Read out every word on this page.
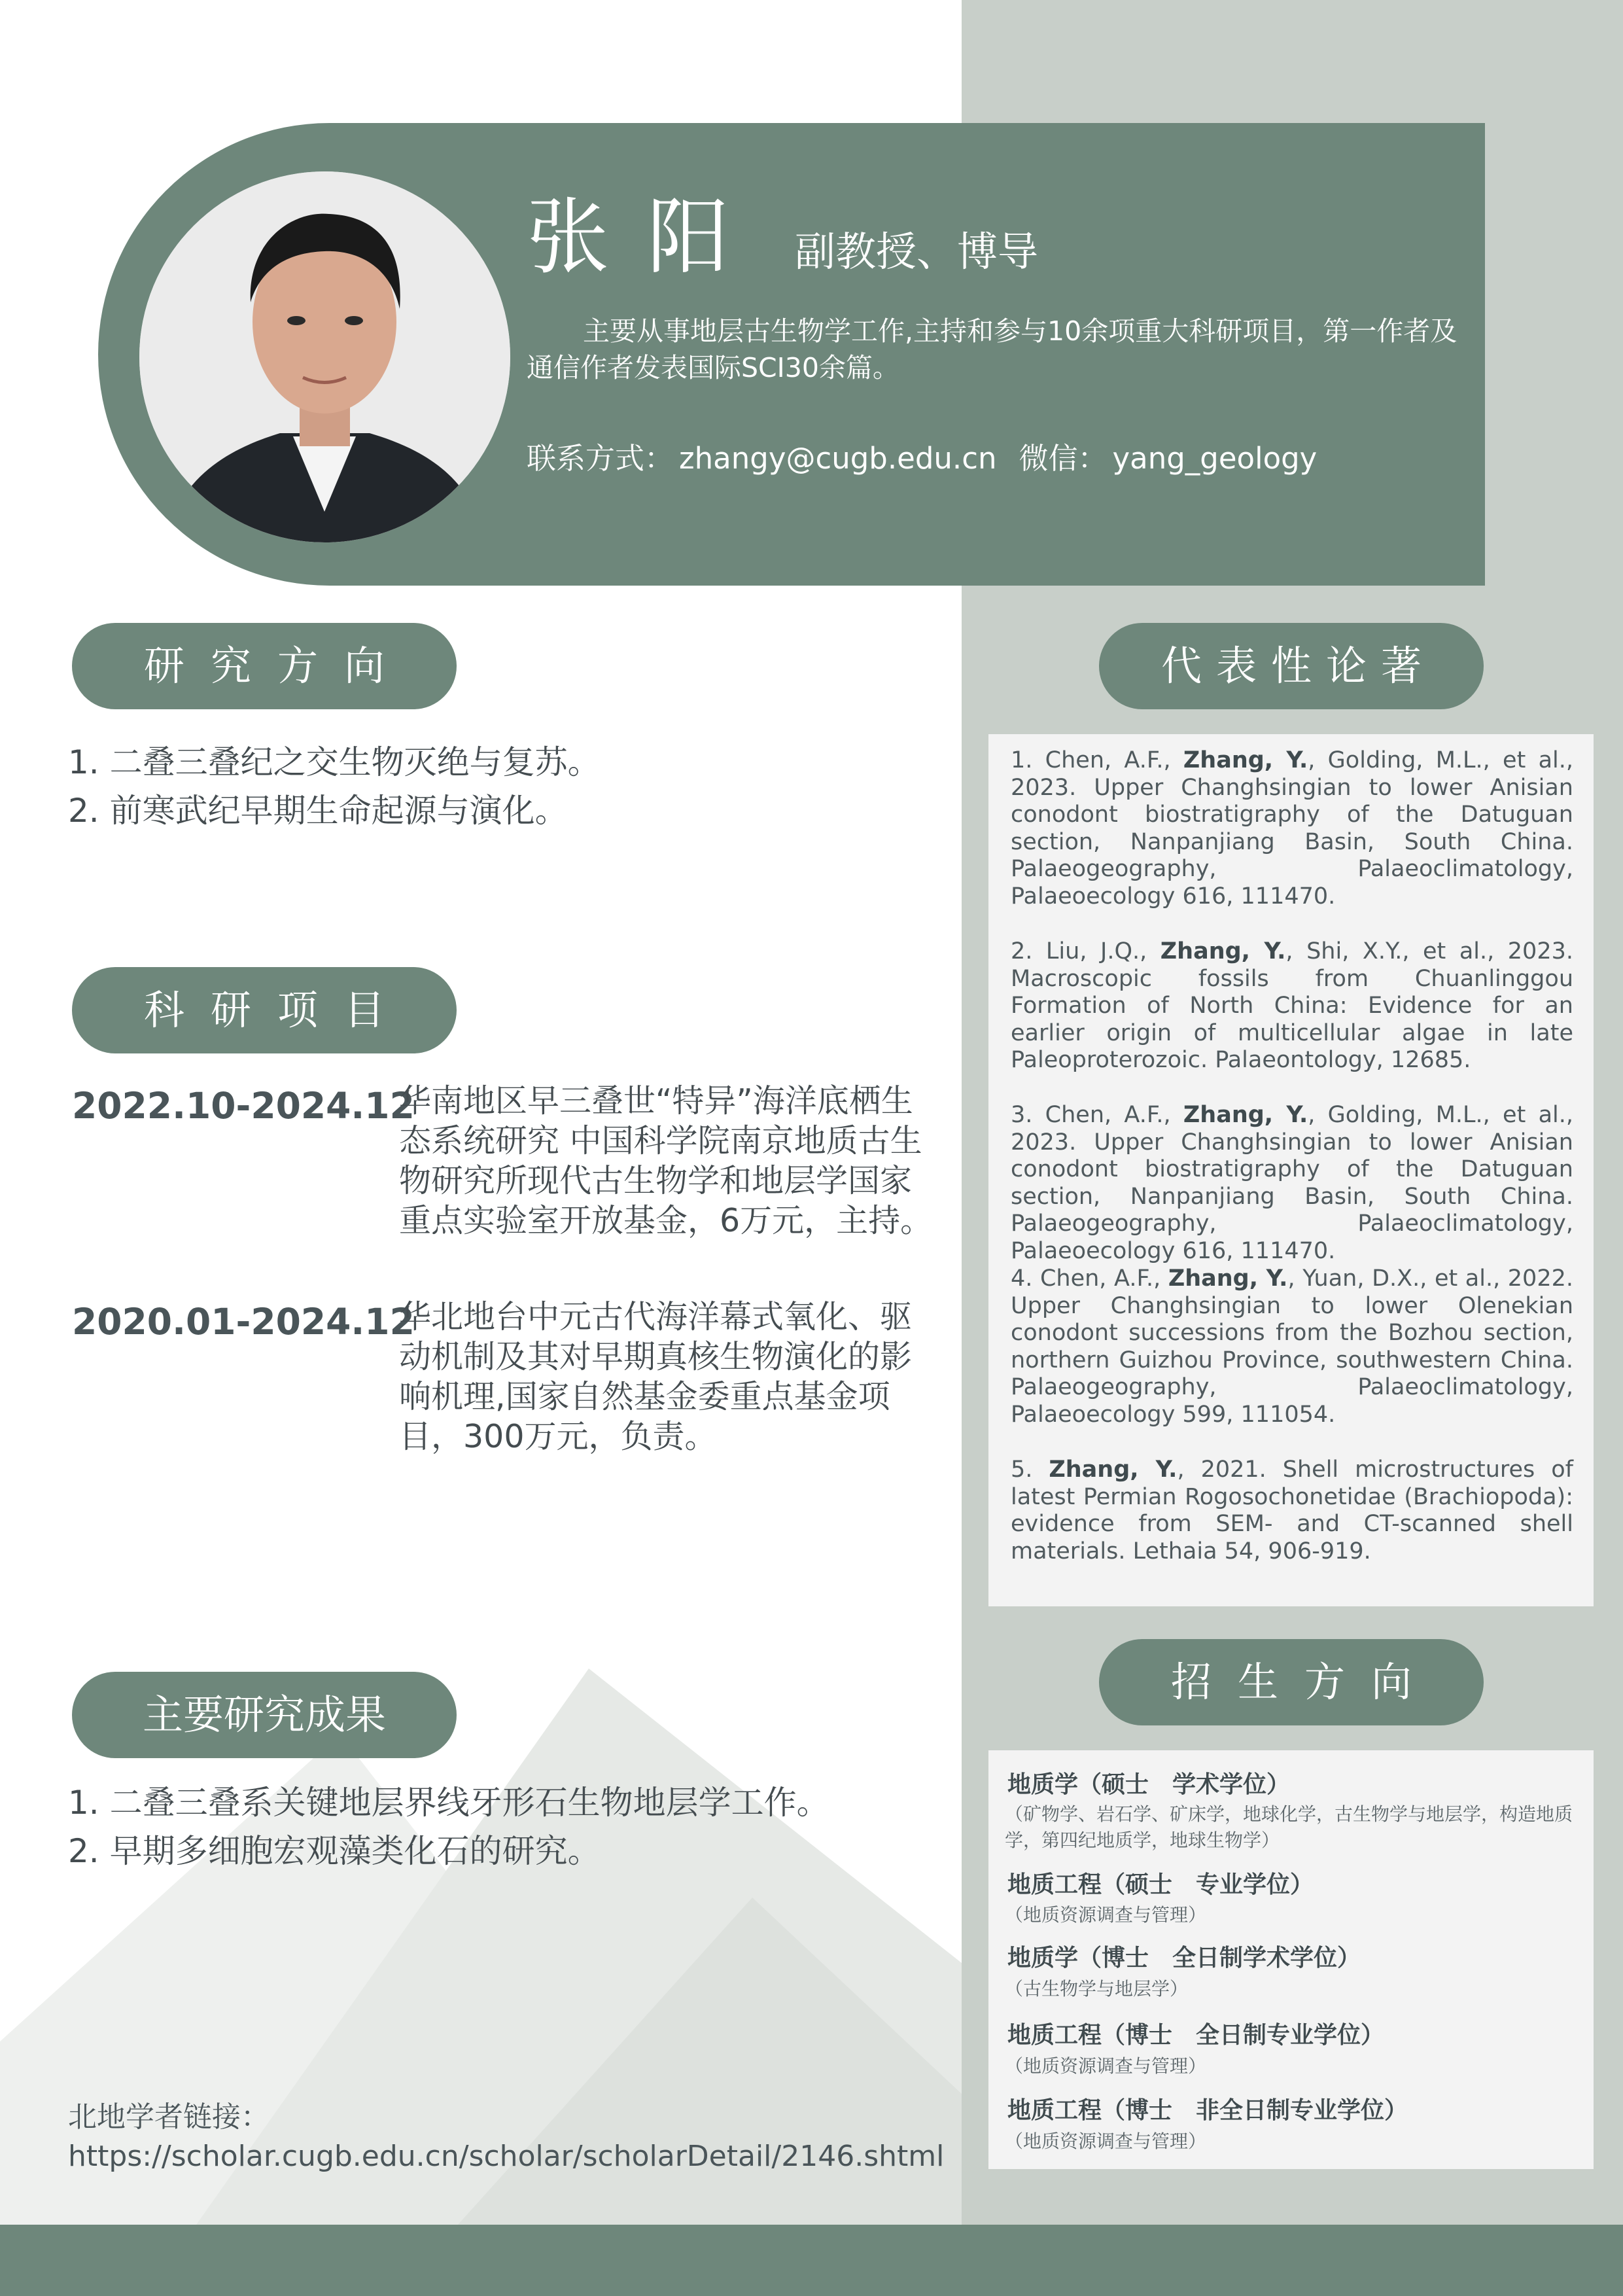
张阳 副教授、博导

主要从事地层古生物学工作,主持和参与10余项重大科研项目，第一作者及通信作者发表国际SCI30余篇。

联系方式： zhangy@cugb.edu.cn 微信： yang_geology
研究方向
1. 二叠三叠纪之交生物灭绝与复苏。
2. 前寒武纪早期生命起源与演化。
科研项目
2022.10-2024.12

华南地区早三叠世“特异”海洋底栖生态系统研究 中国科学院南京地质古生物研究所现代古生物学和地层学国家重点实验室开放基金，6万元，主持。

2020.01-2024.12

华北地台中元古代海洋幕式氧化、驱动机制及其对早期真核生物演化的影响机理,国家自然基金委重点基金项目，300万元，负责。

主要研究成果
1. 二叠三叠系关键地层界线牙形石生物地层学工作。
2. 早期多细胞宏观藻类化石的研究。
北地学者链接：
https://scholar.cugb.edu.cn/scholar/scholarDetail/2146.shtml
代表性论著

1. Chen, A.F., Zhang, Y., Golding, M.L., et al., 2023. Upper Changhsingian to lower Anisian conodont biostratigraphy of the Datuguan section, Nanpanjiang Basin, South China. Palaeogeography, Palaeoclimatology, Palaeoecology 616, 111470.

2. Liu, J.Q., Zhang, Y., Shi, X.Y., et al., 2023. Macroscopic fossils from Chuanlinggou Formation of North China: Evidence for an earlier origin of multicellular algae in late Paleoproterozoic. Palaeontology, 12685.

3. Chen, A.F., Zhang, Y., Golding, M.L., et al., 2023. Upper Changhsingian to lower Anisian conodont biostratigraphy of the Datuguan section, Nanpanjiang Basin, South China. Palaeogeography, Palaeoclimatology, Palaeoecology 616, 111470.

4. Chen, A.F., Zhang, Y., Yuan, D.X., et al., 2022. Upper Changhsingian to lower Olenekian conodont successions from the Bozhou section, northern Guizhou Province, southwestern China. Palaeogeography, Palaeoclimatology, Palaeoecology 599, 111054.

5. Zhang, Y., 2021. Shell microstructures of latest Permian Rogosochonetidae (Brachiopoda): evidence from SEM- and CT-scanned shell materials. Lethaia 54, 906-919.

招生方向
地质学（硕士　学术学位）
（矿物学、岩石学、矿床学，地球化学，古生物学与地层学，构造地质学，第四纪地质学，地球生物学）
地质工程（硕士　专业学位）
（地质资源调查与管理）
地质学（博士　全日制学术学位）
（古生物学与地层学）
地质工程（博士　全日制专业学位）
（地质资源调查与管理）
地质工程（博士　非全日制专业学位）
（地质资源调查与管理）
